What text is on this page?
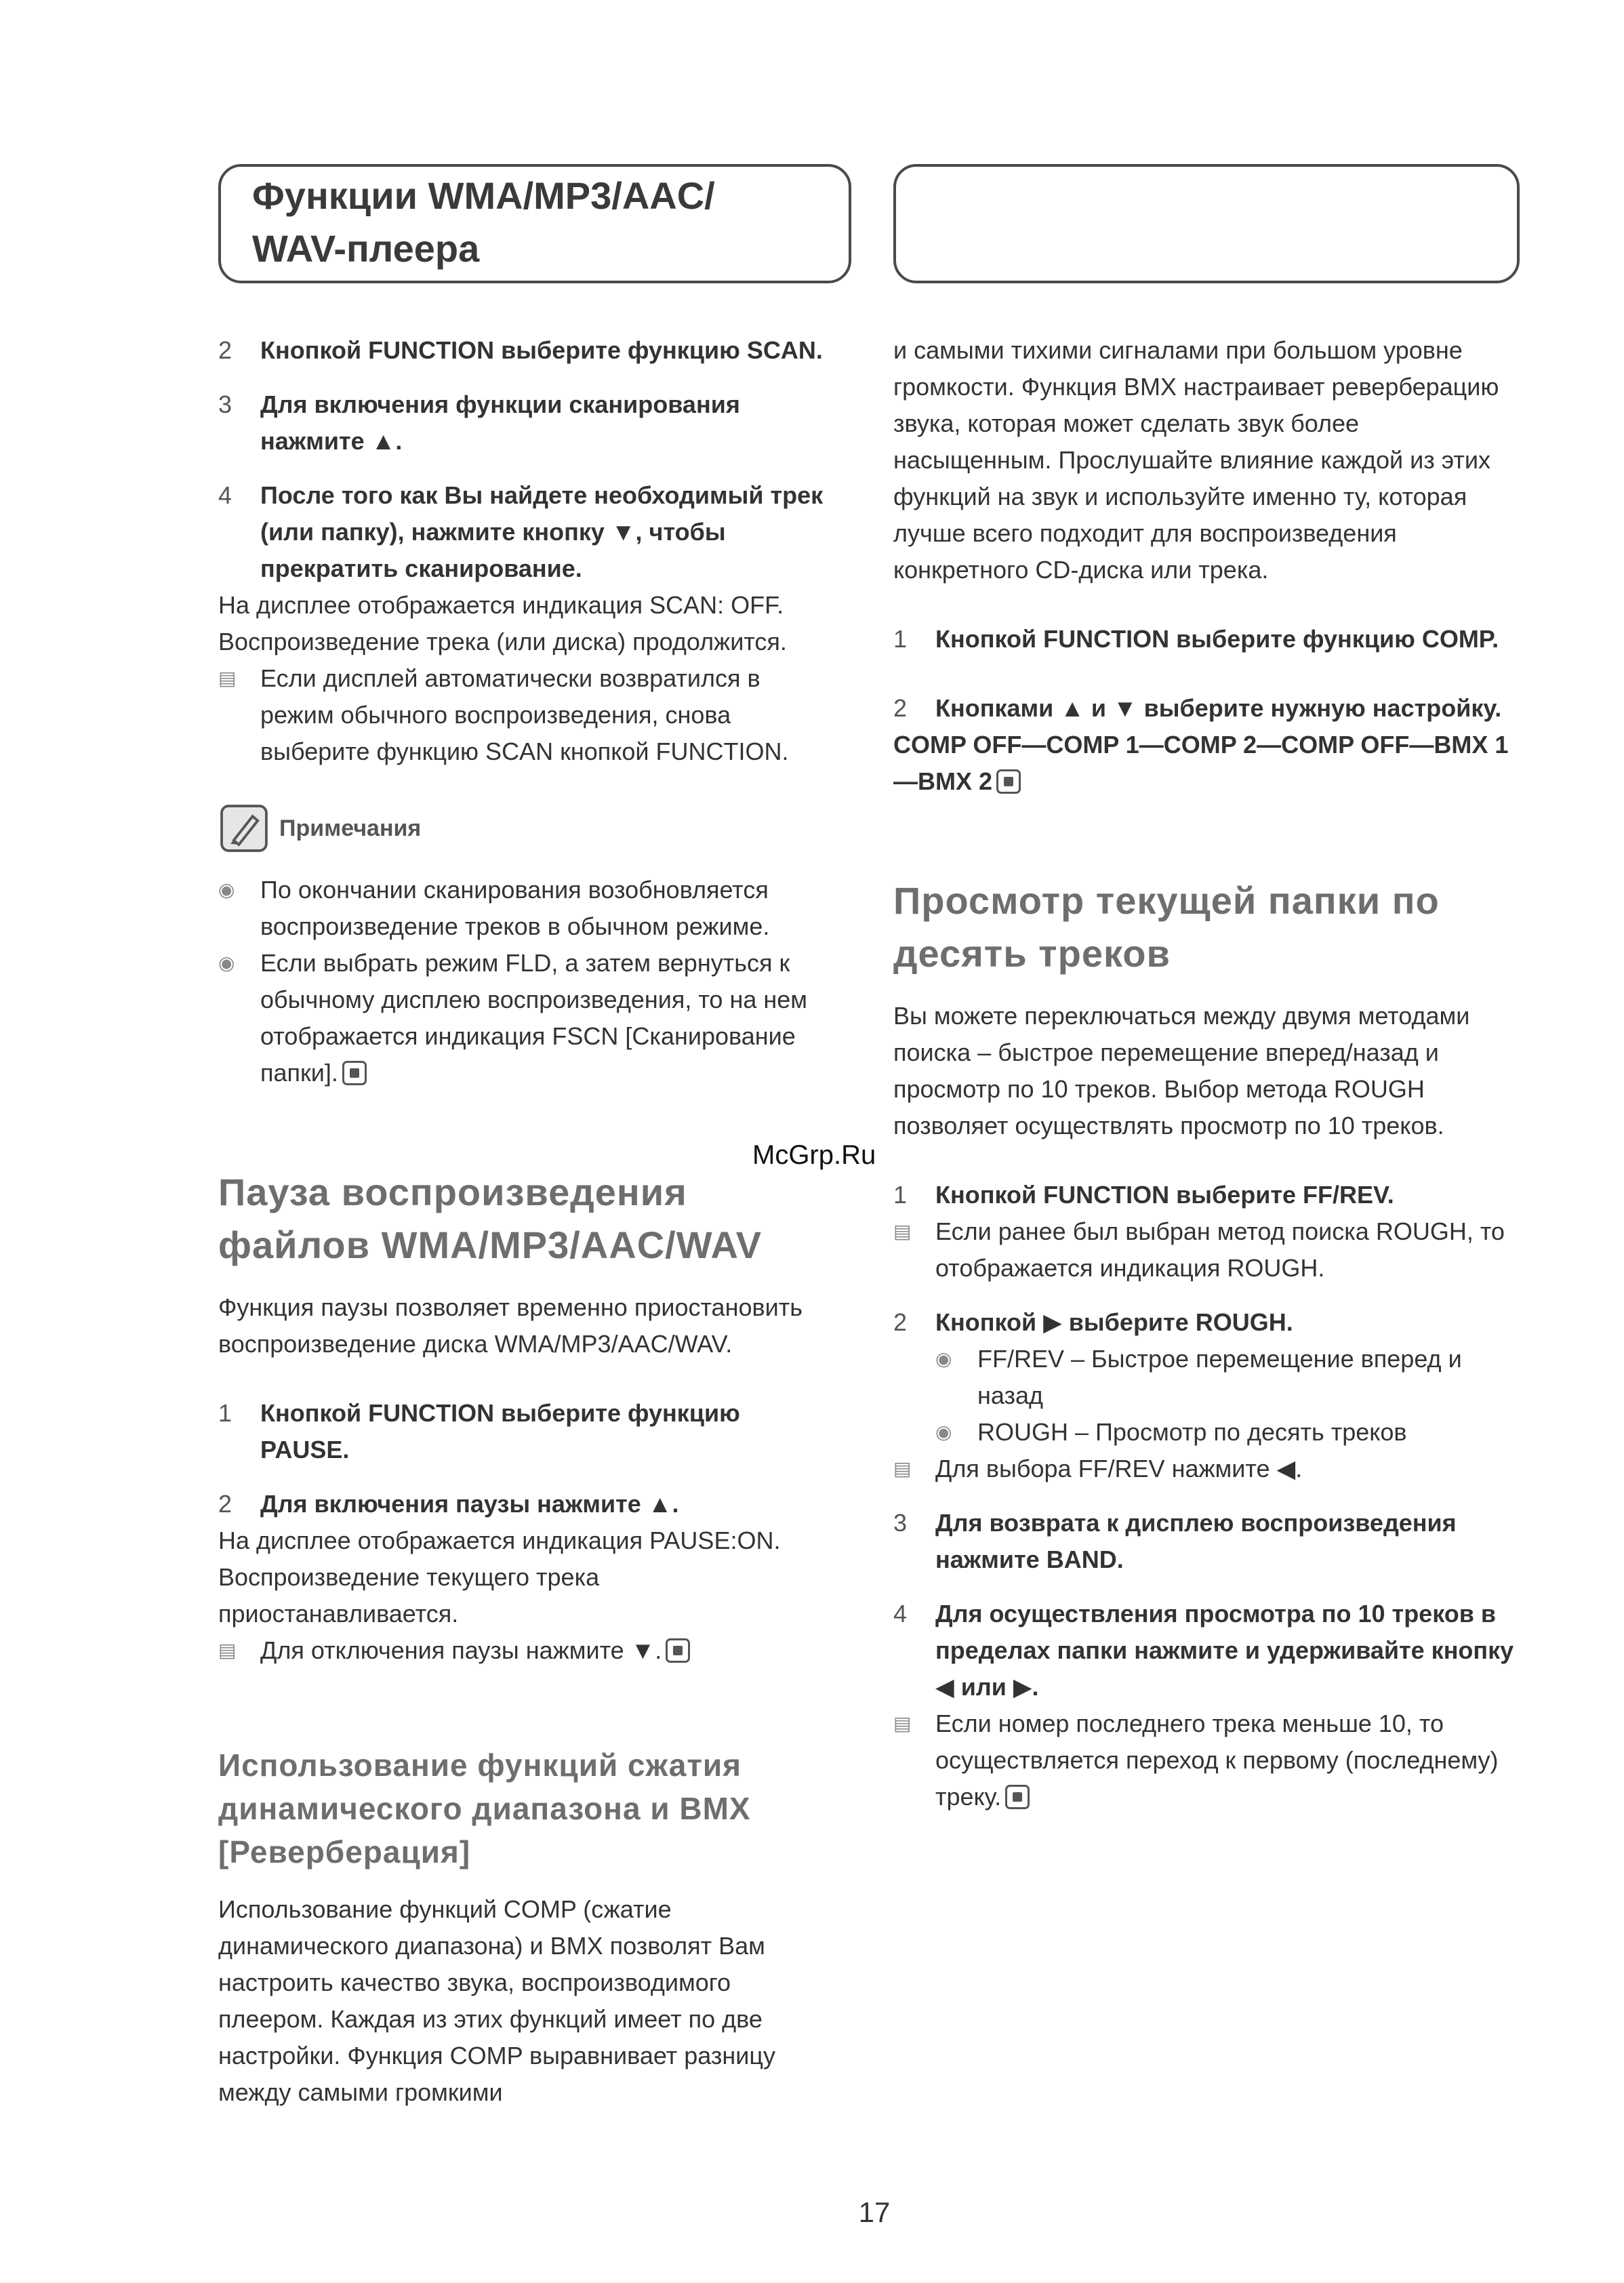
Функции WMA/MP3/AAC/
WAV-плеера
2	Кнопкой FUNCTION выберите функцию SCAN.
3	Для включения функции сканирования нажмите ▲.
4	После того как Вы найдете необходимый трек (или папку), нажмите кнопку ▼, чтобы прекратить сканирование.

На дисплее отображается индикация SCAN: OFF. Воспроизведение трека (или диска) продолжится.

▤ Если дисплей автоматически возвратился в режим обычного воспроизведения, снова выберите функцию SCAN кнопкой FUNCTION.
Примечания
◉	По окончании сканирования возобновляется воспроизведение треков в обычном режиме.
◉	Если выбрать режим FLD, а затем вернуться к обычному дисплею воспроизведения, то на нем отображается индикация FSCN [Сканирование папки].

Пауза воспроизведения файлов WMA/MP3/AAC/WAV

Функция паузы позволяет временно приостановить воспроизведение диска WMA/MP3/AAC/WAV.

1	Кнопкой FUNCTION выберите функцию PAUSE.
2	Для включения паузы нажмите ▲.

На дисплее отображается индикация PAUSE:ON. Воспроизведение текущего трека приостанавливается.

▤ Для отключения паузы нажмите ▼.

Использование функций сжатия динамического диапазона и BMX [Реверберация]

Использование функций COMP (сжатие динамического диапазона) и BMX позволят Вам настроить качество звука, воспроизводимого плеером. Каждая из этих функций имеет по две настройки. Функция COMP выравнивает разницу между самыми громкими

и самыми тихими сигналами при большом уровне громкости. Функция BMX настраивает реверберацию звука, которая может сделать звук более насыщенным. Прослушайте влияние каждой из этих функций на звук и используйте именно ту, которая лучше всего подходит для воспроизведения конкретного CD-диска или трека.

1	Кнопкой FUNCTION выберите функцию COMP.
2	Кнопками ▲ и ▼ выберите нужную настройку.
COMP OFF—COMP 1—COMP 2—COMP OFF—BMX 1—BMX 2

Просмотр текущей папки по десять треков

Вы можете переключаться между двумя методами поиска – быстрое перемещение вперед/назад и просмотр по 10 треков. Выбор метода ROUGH позволяет осуществлять просмотр по 10 треков.

1	Кнопкой FUNCTION выберите FF/REV.
▤ Если ранее был выбран метод поиска ROUGH, то отображается индикация ROUGH.
2	Кнопкой ▶ выберите ROUGH.
◉	FF/REV – Быстрое перемещение вперед и назад
◉	ROUGH – Просмотр по десять треков
▤ Для выбора FF/REV нажмите ◀.
3	Для возврата к дисплею воспроизведения нажмите BAND.
4	Для осуществления просмотра по 10 треков в пределах папки нажмите и удерживайте кнопку ◀ или ▶.
▤ Если номер последнего трека меньше 10, то осуществляется переход к первому (последнему) треку.
McGrp.Ru
17
